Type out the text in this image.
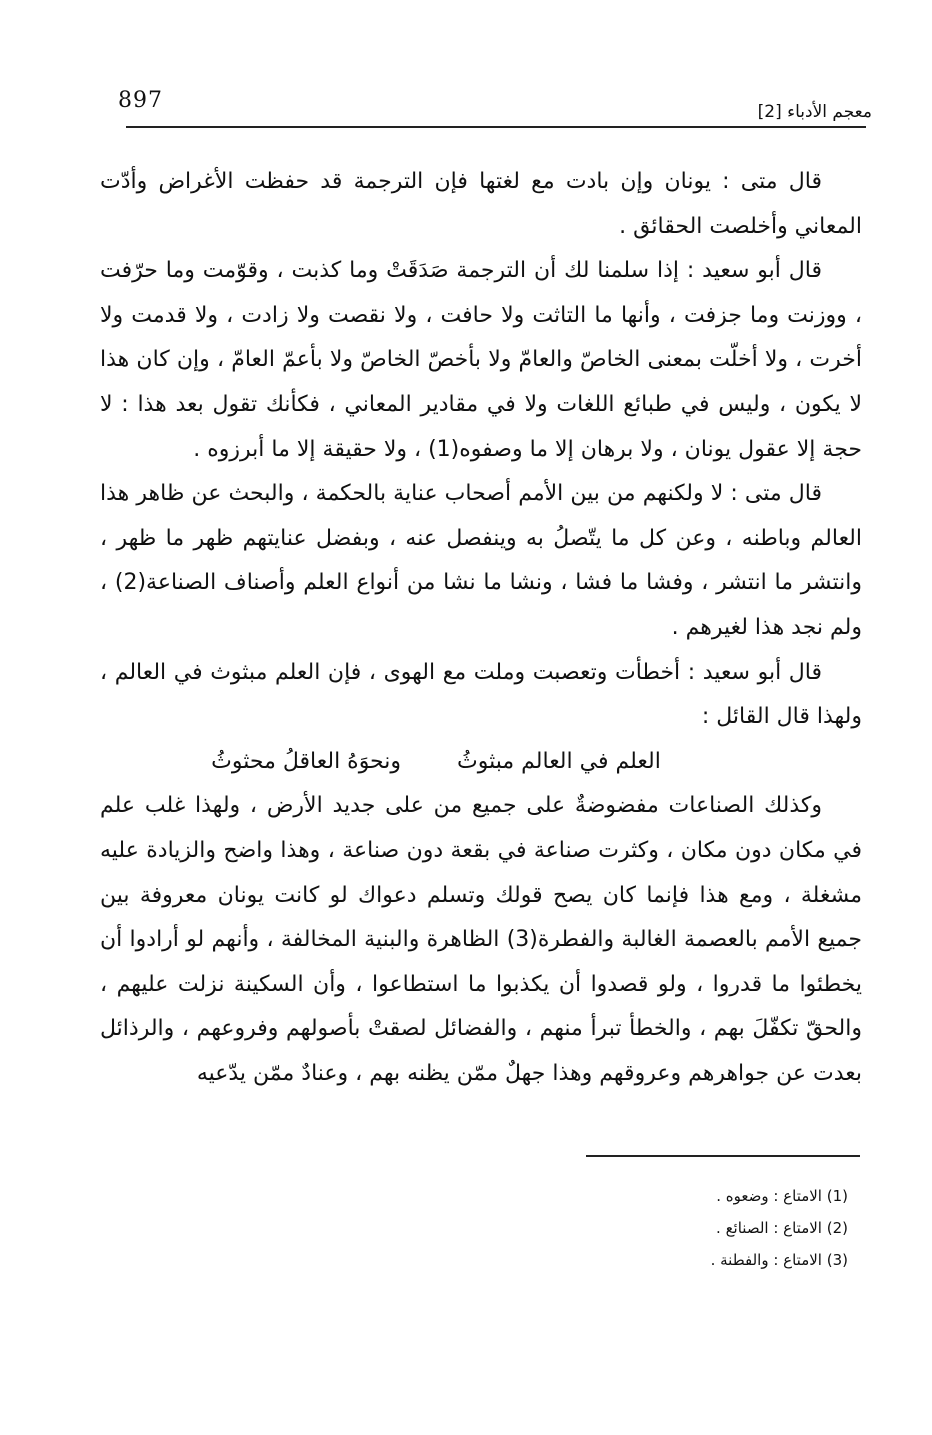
897	معجم الأدباء [2]

قال متى : يونان وإن بادت مع لغتها فإن الترجمة قد حفظت الأغراض وأدّت المعاني وأخلصت الحقائق .

قال أبو سعيد : إذا سلمنا لك أن الترجمة صَدَقَتْ وما كذبت ، وقوّمت وما حرّفت ، ووزنت وما جزفت ، وأنها ما التاثت ولا حافت ، ولا نقصت ولا زادت ، ولا قدمت ولا أخرت ، ولا أخلّت بمعنى الخاصّ والعامّ ولا بأخصّ الخاصّ ولا بأعمّ العامّ ، وإن كان هذا لا يكون ، وليس في طبائع اللغات ولا في مقادير المعاني ، فكأنك تقول بعد هذا : لا حجة إلا عقول يونان ، ولا برهان إلا ما وصفوه(1) ، ولا حقيقة إلا ما أبرزوه .

قال متى : لا ولكنهم من بين الأمم أصحاب عناية بالحكمة ، والبحث عن ظاهر هذا العالم وباطنه ، وعن كل ما يتّصلُ به وينفصل عنه ، وبفضل عنايتهم ظهر ما ظهر ، وانتشر ما انتشر ، وفشا ما فشا ، ونشا ما نشا من أنواع العلم وأصناف الصناعة(2) ، ولم نجد هذا لغيرهم .

قال أبو سعيد : أخطأت وتعصبت وملت مع الهوى ، فإن العلم مبثوث في العالم ، ولهذا قال القائل :

العلم في العالم مبثوثُ
ونحوَهُ العاقلُ محثوثُ

وكذلك الصناعات مفضوضةٌ على جميع من على جديد الأرض ، ولهذا غلب علم في مكان دون مكان ، وكثرت صناعة في بقعة دون صناعة ، وهذا واضح والزيادة عليه مشغلة ، ومع هذا فإنما كان يصح قولك وتسلم دعواك لو كانت يونان معروفة بين جميع الأمم بالعصمة الغالبة والفطرة(3) الظاهرة والبنية المخالفة ، وأنهم لو أرادوا أن يخطئوا ما قدروا ، ولو قصدوا أن يكذبوا ما استطاعوا ، وأن السكينة نزلت عليهم ، والحقّ تكفّلَ بهم ، والخطأ تبرأ منهم ، والفضائل لصقتْ بأصولهم وفروعهم ، والرذائل بعدت عن جواهرهم وعروقهم وهذا جهلٌ ممّن يظنه بهم ، وعنادٌ ممّن يدّعيه

(1) الامتاع : وضعوه .

(2) الامتاع : الصنائع .

(3) الامتاع : والفطنة .
